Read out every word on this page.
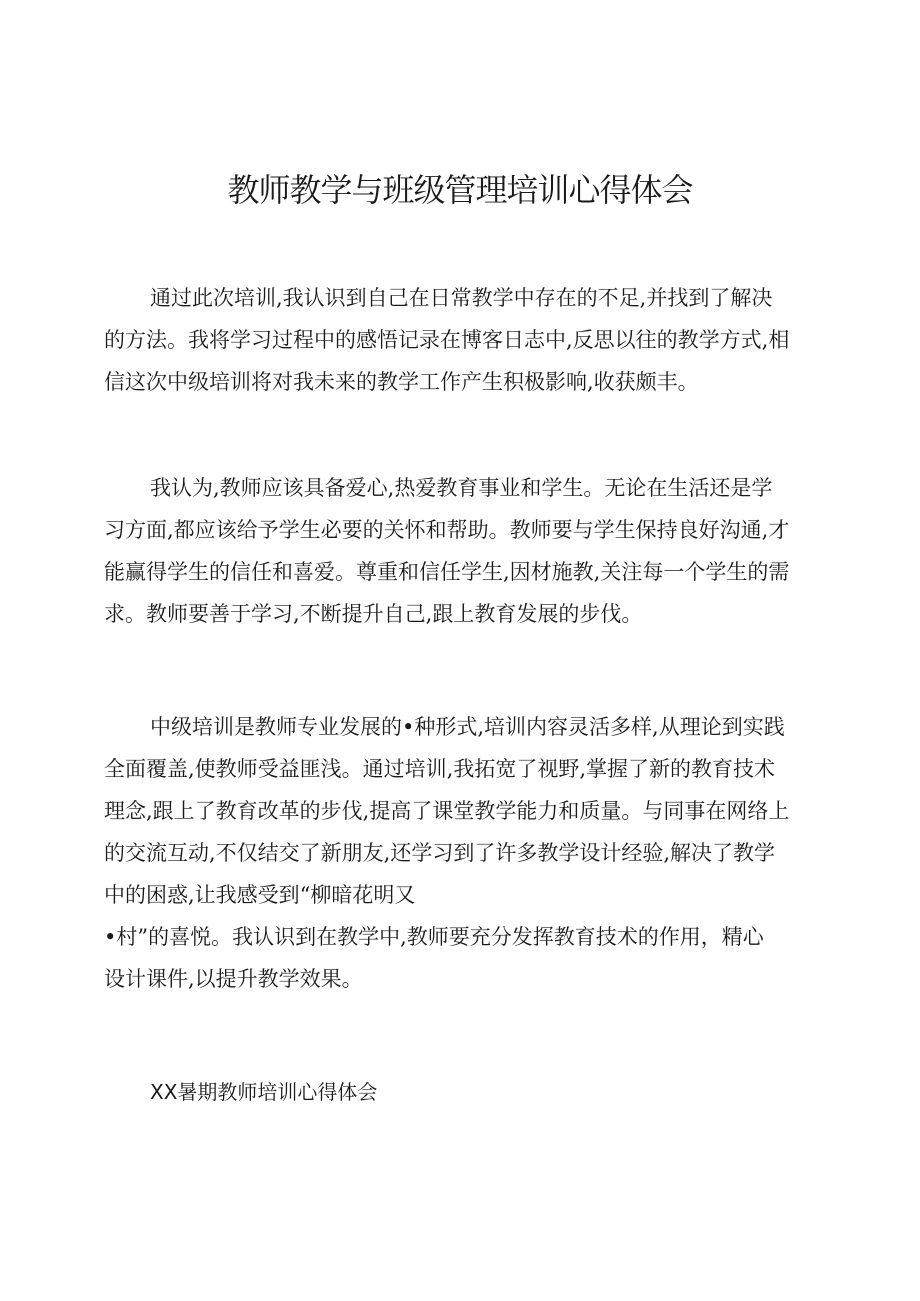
教师教学与班级管理培训心得体会

通过此次培训,我认识到自己在日常教学中存在的不足,并找到了解决
的方法。我将学习过程中的感悟记录在博客日志中,反思以往的教学方式,相
信这次中级培训将对我未来的教学工作产生积极影响,收获颇丰。

我认为,教师应该具备爱心,热爱教育事业和学生。无论在生活还是学
习方面,都应该给予学生必要的关怀和帮助。教师要与学生保持良好沟通,才
能赢得学生的信任和喜爱。尊重和信任学生,因材施教,关注每一个学生的需
求。教师要善于学习,不断提升自己,跟上教育发展的步伐。

中级培训是教师专业发展的•种形式,培训内容灵活多样,从理论到实践
全面覆盖,使教师受益匪浅。通过培训,我拓宽了视野,掌握了新的教育技术
理念,跟上了教育改革的步伐,提高了课堂教学能力和质量。与同事在网络上
的交流互动,不仅结交了新朋友,还学习到了许多教学设计经验,解决了教学
中的困惑,让我感受到“柳暗花明又
•村”的喜悦。我认识到在教学中,教师要充分发挥教育技术的作用，精心
设计课件,以提升教学效果。

XX暑期教师培训心得体会
